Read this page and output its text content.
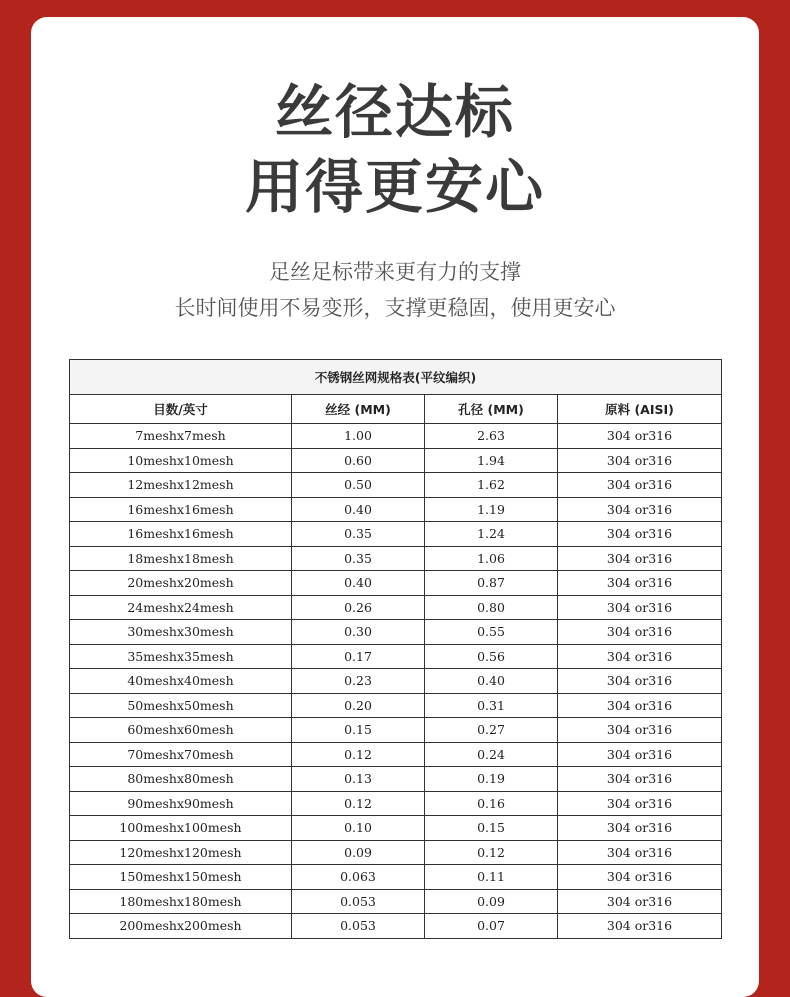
丝径达标
用得更安心
足丝足标带来更有力的支撑
长时间使用不易变形，支撑更稳固，使用更安心
不锈钢丝网规格表(平纹编织)			
目数/英寸	丝经 (MM)	孔径 (MM)	原料 (AISI)
7meshx7mesh	1.00	2.63	304 or316
10meshx10mesh	0.60	1.94	304 or316
12meshx12mesh	0.50	1.62	304 or316
16meshx16mesh	0.40	1.19	304 or316
16meshx16mesh	0.35	1.24	304 or316
18meshx18mesh	0.35	1.06	304 or316
20meshx20mesh	0.40	0.87	304 or316
24meshx24mesh	0.26	0.80	304 or316
30meshx30mesh	0.30	0.55	304 or316
35meshx35mesh	0.17	0.56	304 or316
40meshx40mesh	0.23	0.40	304 or316
50meshx50mesh	0.20	0.31	304 or316
60meshx60mesh	0.15	0.27	304 or316
70meshx70mesh	0.12	0.24	304 or316
80meshx80mesh	0.13	0.19	304 or316
90meshx90mesh	0.12	0.16	304 or316
100meshx100mesh	0.10	0.15	304 or316
120meshx120mesh	0.09	0.12	304 or316
150meshx150mesh	0.063	0.11	304 or316
180meshx180mesh	0.053	0.09	304 or316
200meshx200mesh	0.053	0.07	304 or316
